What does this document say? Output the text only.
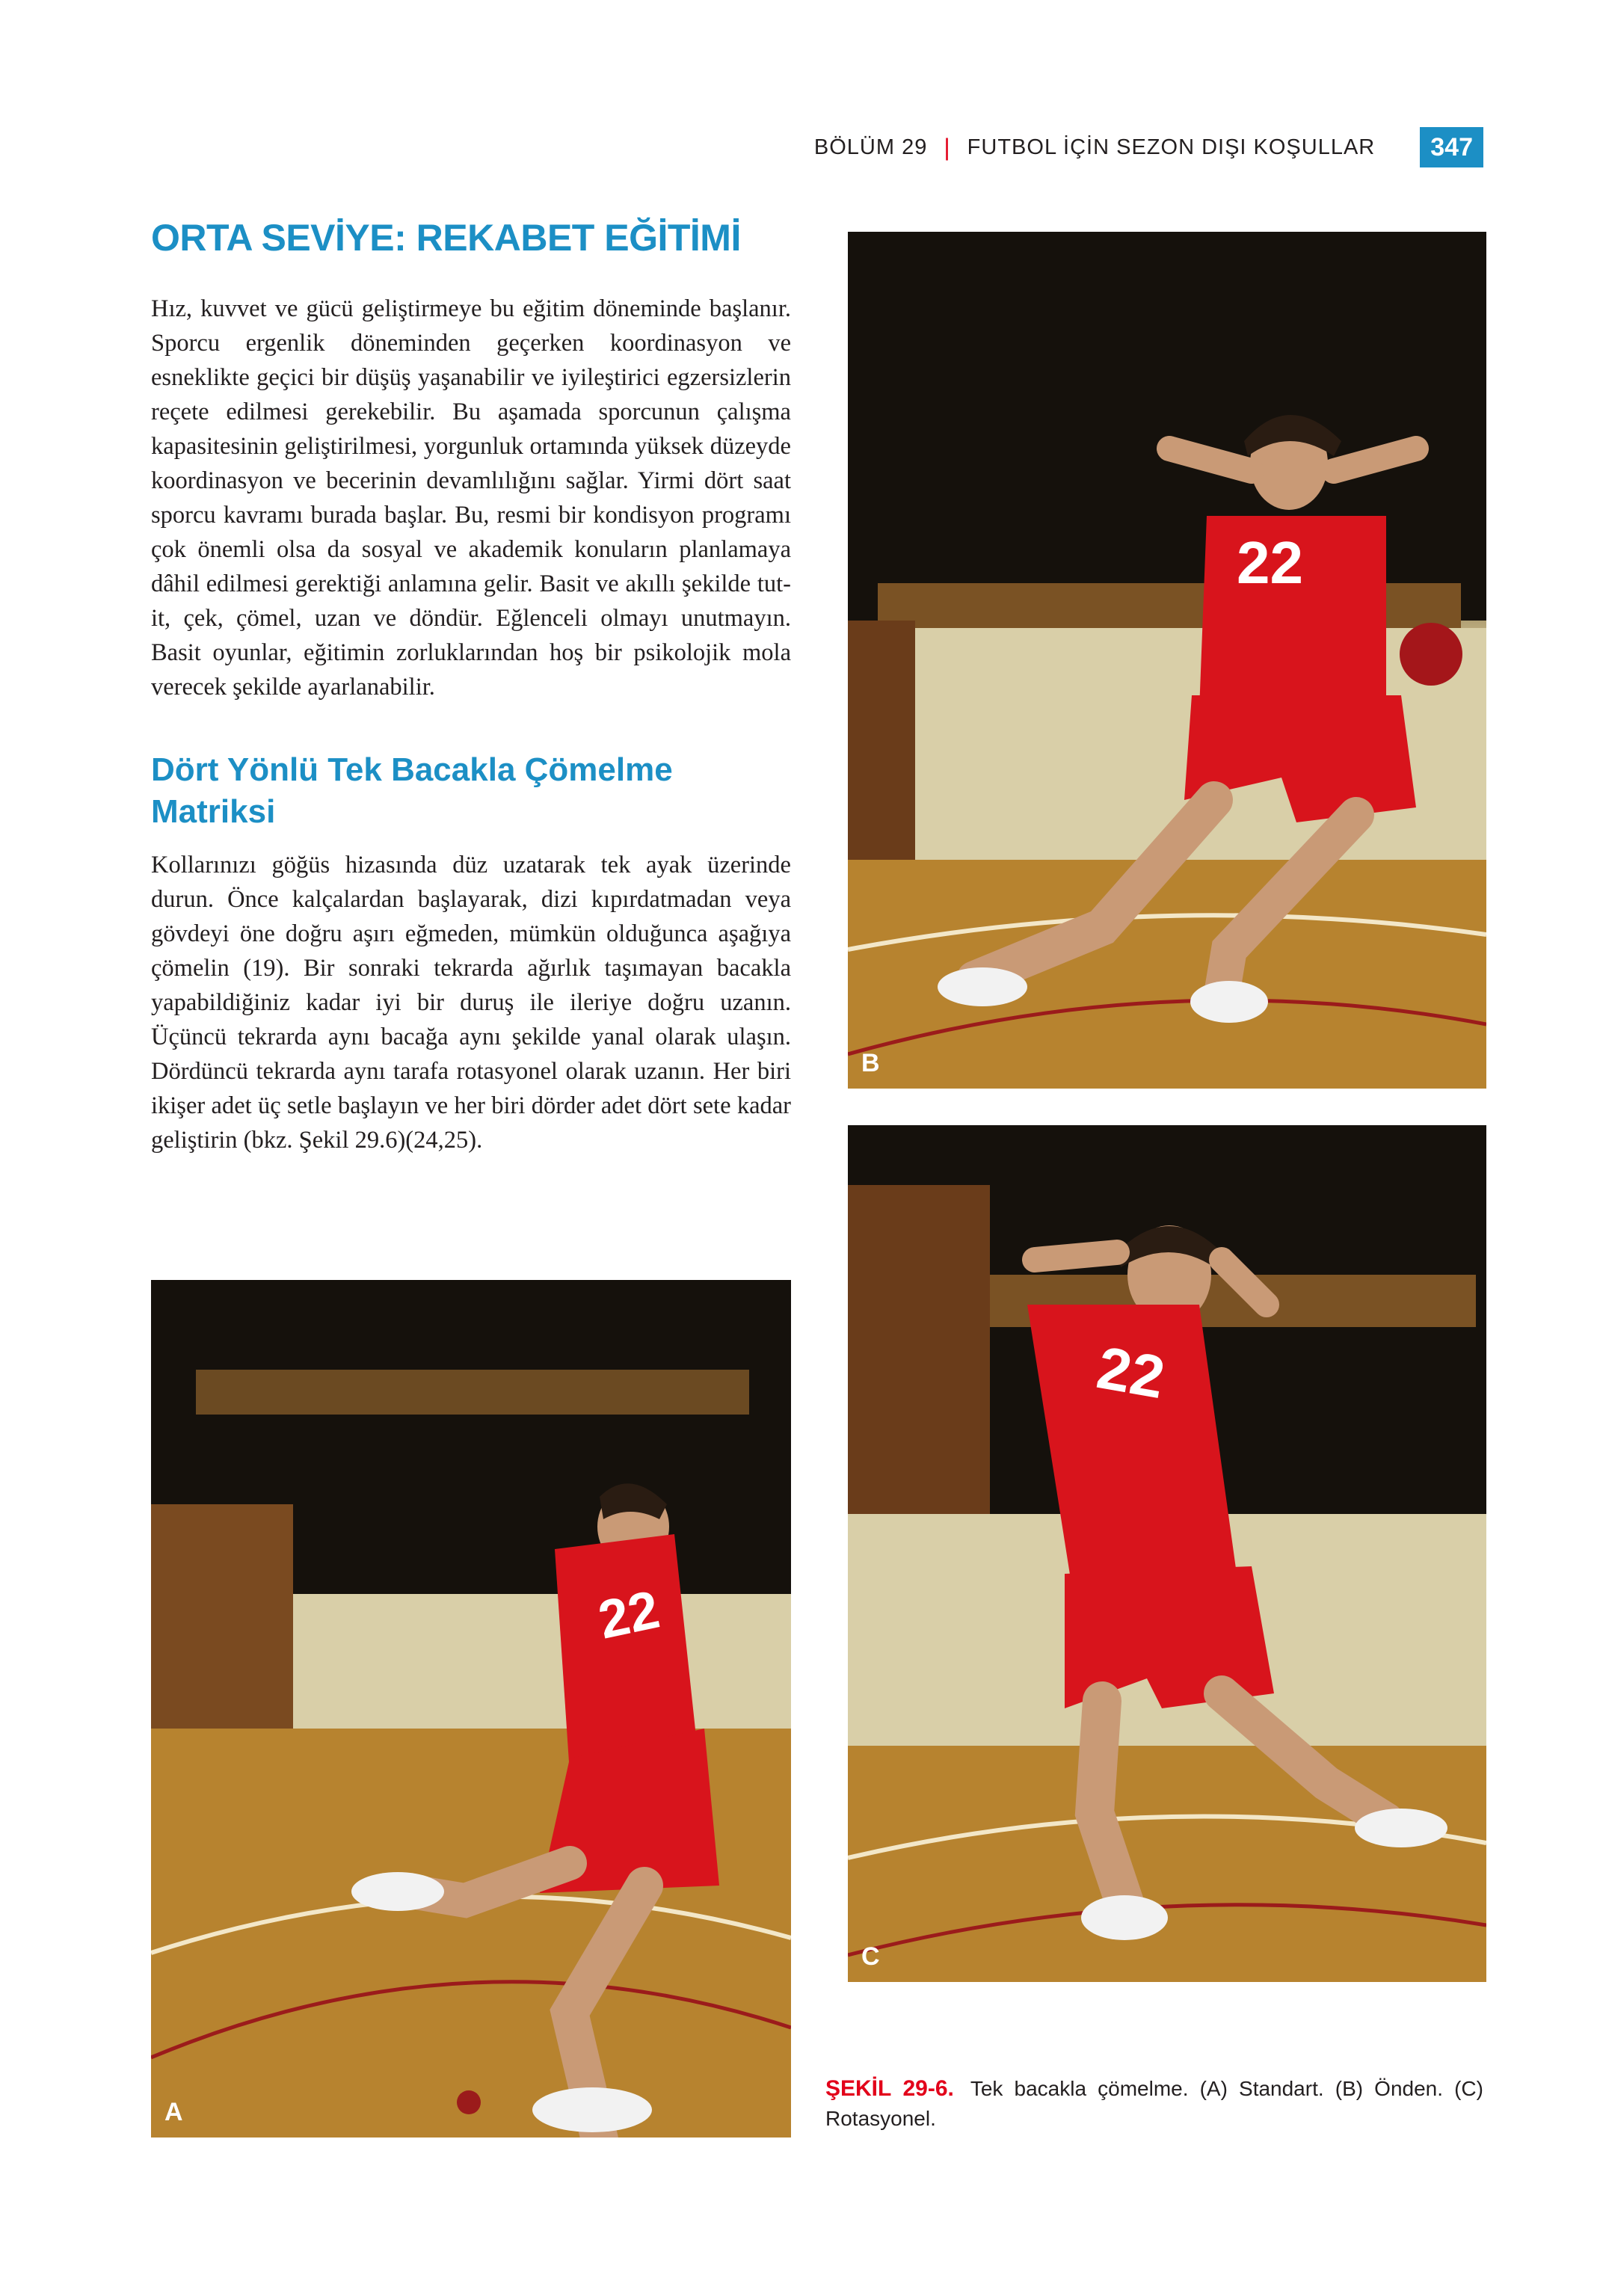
BÖLÜM 29 | FUTBOL İÇİN SEZON DIŞI KOŞULLAR	347
ORTA SEVİYE: REKABET EĞİTİMİ

Hız, kuvvet ve gücü geliştirmeye bu eğitim döneminde başlanır. Sporcu ergenlik döneminden geçerken koordinasyon ve esneklikte geçici bir düşüş yaşanabilir ve iyileştirici egzersizlerin reçete edilmesi gerekebilir. Bu aşamada sporcunun çalışma kapasitesinin geliştirilmesi, yorgunluk ortamında yüksek düzeyde koordinasyon ve becerinin devamlılığını sağlar. Yirmi dört saat sporcu kavramı burada başlar. Bu, resmi bir kondisyon programı çok önemli olsa da sosyal ve akademik konuların planlamaya dâhil edilmesi gerektiği anlamına gelir. Basit ve akıllı şekilde tut-it, çek, çömel, uzan ve döndür. Eğlenceli olmayı unutmayın. Basit oyunlar, eğitimin zorluklarından hoş bir psikolojik mola verecek şekilde ayarlanabilir.

Dört Yönlü Tek Bacakla Çömelme
Matriksi

Kollarınızı göğüs hizasında düz uzatarak tek ayak üzerinde durun. Önce kalçalardan başlayarak, dizi kıpırdatmadan veya gövdeyi öne doğru aşırı eğmeden, mümkün olduğunca aşağıya çömelin (19). Bir sonraki tekrarda ağırlık taşımayan bacakla yapabildiğiniz kadar iyi bir duruş ile ileriye doğru uzanın. Üçüncü tekrarda aynı bacağa aynı şekilde yanal olarak ulaşın. Dördüncü tekrarda aynı tarafa rotasyonel olarak uzanın. Her biri ikişer adet üç setle başlayın ve her biri dörder adet dört sete kadar geliştirin (bkz. Şekil 29.6)(24,25).

22
A
22
B
22
C
ŞEKİL 29-6. Tek bacakla çömelme. (A) Standart. (B) Önden. (C) Rotasyonel.
